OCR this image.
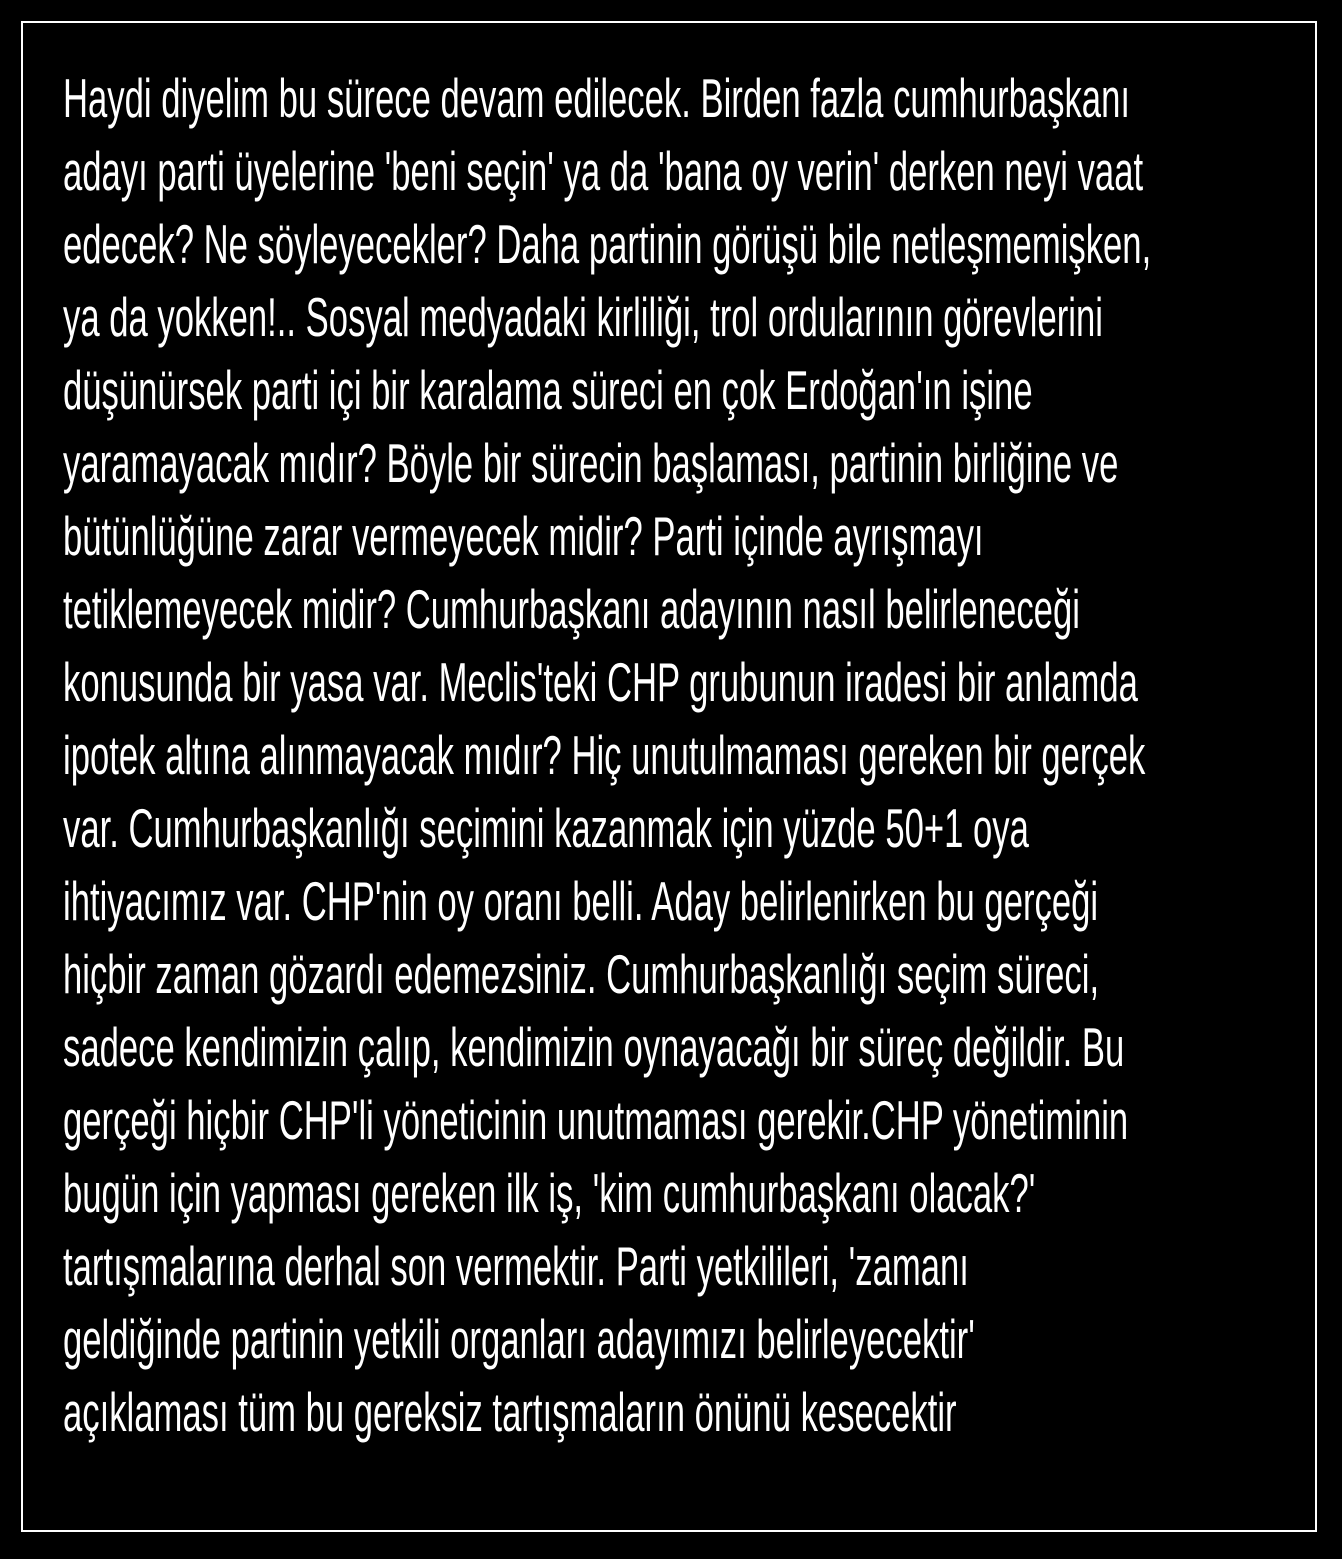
Haydi diyelim bu sürece devam edilecek. Birden fazla cumhurbaşkanı
adayı parti üyelerine 'beni seçin' ya da 'bana oy verin' derken neyi vaat
edecek? Ne söyleyecekler? Daha partinin görüşü bile netleşmemişken,
ya da yokken!.. Sosyal medyadaki kirliliği, trol ordularının görevlerini
düşünürsek parti içi bir karalama süreci en çok Erdoğan'ın işine
yaramayacak mıdır? Böyle bir sürecin başlaması, partinin birliğine ve
bütünlüğüne zarar vermeyecek midir? Parti içinde ayrışmayı
tetiklemeyecek midir? Cumhurbaşkanı adayının nasıl belirleneceği
konusunda bir yasa var. Meclis'teki CHP grubunun iradesi bir anlamda
ipotek altına alınmayacak mıdır? Hiç unutulmaması gereken bir gerçek
var. Cumhurbaşkanlığı seçimini kazanmak için yüzde 50+1 oya
ihtiyacımız var. CHP'nin oy oranı belli. Aday belirlenirken bu gerçeği
hiçbir zaman gözardı edemezsiniz. Cumhurbaşkanlığı seçim süreci,
sadece kendimizin çalıp, kendimizin oynayacağı bir süreç değildir. Bu
gerçeği hiçbir CHP'li yöneticinin unutmaması gerekir.CHP yönetiminin
bugün için yapması gereken ilk iş, 'kim cumhurbaşkanı olacak?'
tartışmalarına derhal son vermektir. Parti yetkilileri, 'zamanı
geldiğinde partinin yetkili organları adayımızı belirleyecektir'
açıklaması tüm bu gereksiz tartışmaların önünü kesecektir
